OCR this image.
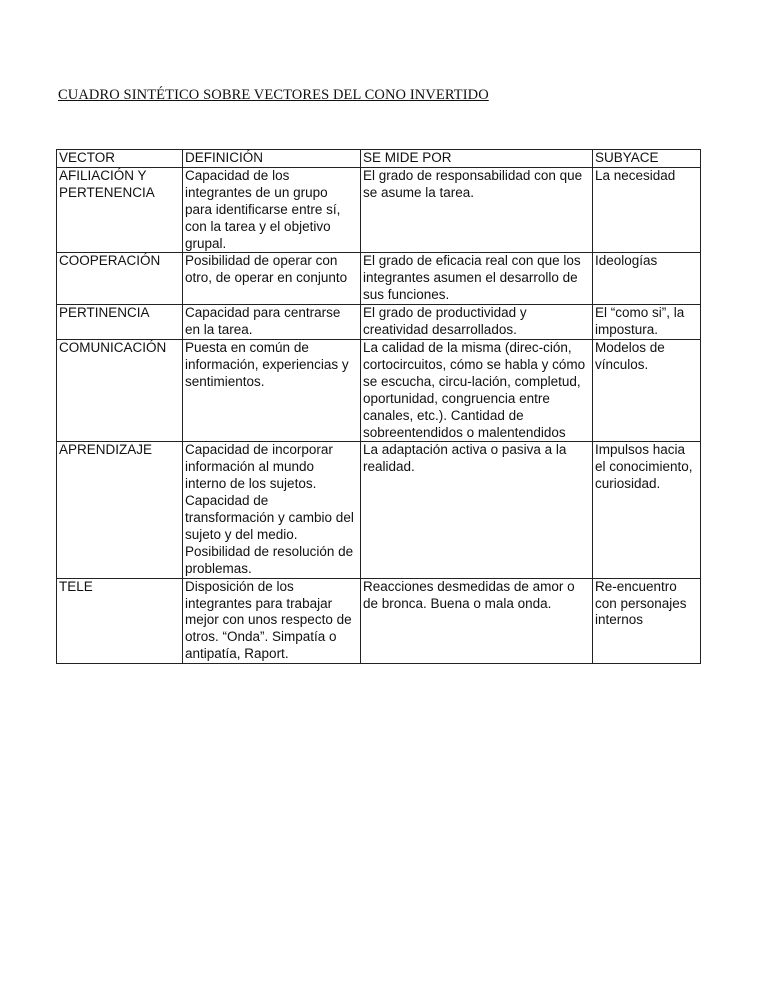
CUADRO SINTÉTICO SOBRE VECTORES DEL CONO INVERTIDO
VECTOR	DEFINICIÓN	SE MIDE POR	SUBYACE
AFILIACIÓN Y PERTENENCIA	Capacidad de los integrantes de un grupo para identificarse entre sí, con la tarea y el objetivo grupal.	El grado de responsabilidad con que se asume la tarea.	La necesidad
COOPERACIÓN	Posibilidad de operar con otro, de operar en conjunto	El grado de eficacia real con que los integrantes asumen el desarrollo de sus funciones.	Ideologías
PERTINENCIA	Capacidad para centrarse en la tarea.	El grado de productividad y creatividad desarrollados.	El “como si”, la impostura.
COMUNICACIÓN	Puesta en común de información, experiencias y sentimientos.	La calidad de la misma (direc-ción, cortocircuitos, cómo se habla y cómo se escucha, circu-lación, completud, oportunidad, congruencia entre canales, etc.). Cantidad de sobreentendidos o malentendidos	Modelos de vínculos.
APRENDIZAJE	Capacidad de incorporar información al mundo interno de los sujetos. Capacidad de transformación y cambio del sujeto y del medio. Posibilidad de resolución de problemas.	La adaptación activa o pasiva a la realidad.	Impulsos hacia el conocimiento, curiosidad.
TELE	Disposición de los integrantes para trabajar mejor con unos respecto de otros. “Onda”. Simpatía o antipatía, Raport.	Reacciones desmedidas de amor o de bronca. Buena o mala onda.	Re-encuentro con personajes internos
